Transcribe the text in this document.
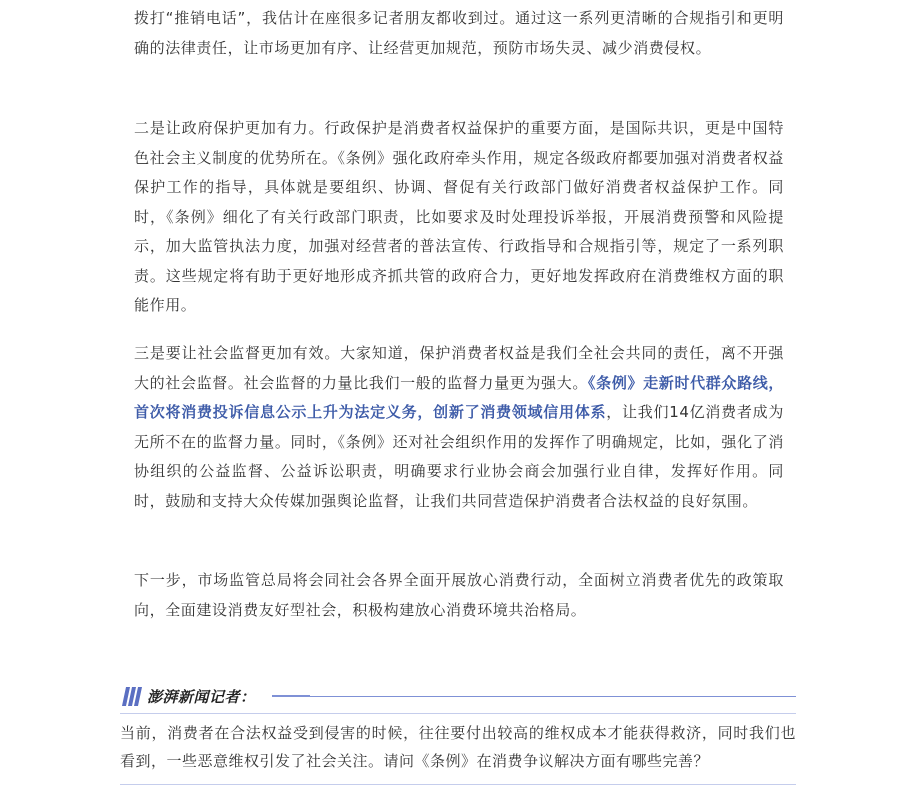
拨打“推销电话”，我估计在座很多记者朋友都收到过。通过这一系列更清晰的合规指引和更明确的法律责任，让市场更加有序、让经营更加规范，预防市场失灵、减少消费侵权。

二是让政府保护更加有力。行政保护是消费者权益保护的重要方面，是国际共识，更是中国特色社会主义制度的优势所在。《条例》强化政府牵头作用，规定各级政府都要加强对消费者权益保护工作的指导，具体就是要组织、协调、督促有关行政部门做好消费者权益保护工作。同时，《条例》细化了有关行政部门职责，比如要求及时处理投诉举报，开展消费预警和风险提示，加大监管执法力度，加强对经营者的普法宣传、行政指导和合规指引等，规定了一系列职责。这些规定将有助于更好地形成齐抓共管的政府合力，更好地发挥政府在消费维权方面的职能作用。

三是要让社会监督更加有效。大家知道，保护消费者权益是我们全社会共同的责任，离不开强大的社会监督。社会监督的力量比我们一般的监督力量更为强大。《条例》走新时代群众路线，首次将消费投诉信息公示上升为法定义务，创新了消费领域信用体系，让我们14亿消费者成为无所不在的监督力量。同时，《条例》还对社会组织作用的发挥作了明确规定，比如，强化了消协组织的公益监督、公益诉讼职责，明确要求行业协会商会加强行业自律，发挥好作用。同时，鼓励和支持大众传媒加强舆论监督，让我们共同营造保护消费者合法权益的良好氛围。

下一步，市场监管总局将会同社会各界全面开展放心消费行动，全面树立消费者优先的政策取向，全面建设消费友好型社会，积极构建放心消费环境共治格局。

澎湃新闻记者：

当前，消费者在合法权益受到侵害的时候，往往要付出较高的维权成本才能获得救济，同时我们也看到，一些恶意维权引发了社会关注。请问《条例》在消费争议解决方面有哪些完善？
